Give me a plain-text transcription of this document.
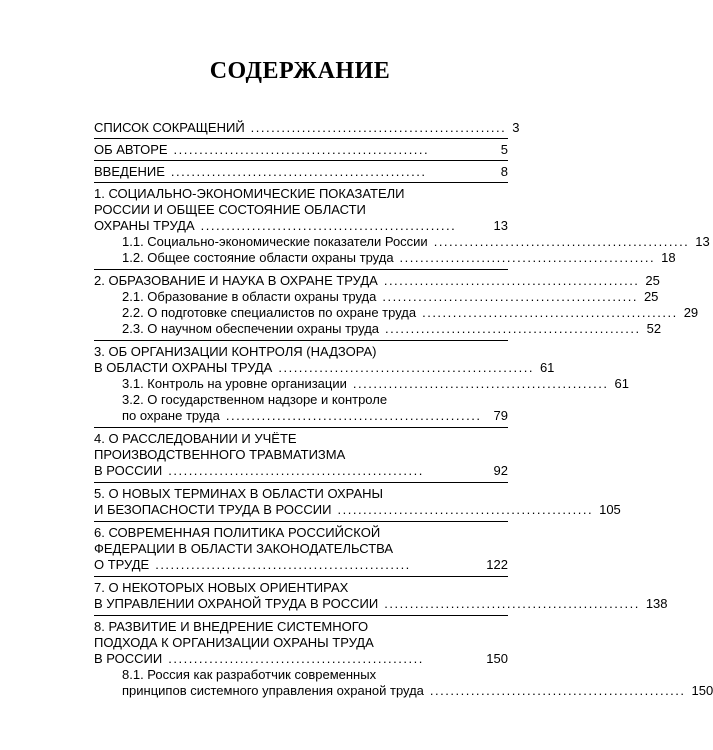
СОДЕРЖАНИЕ
СПИСОК СОКРАЩЕНИЙ .................................................. 3
ОБ АВТОРЕ ..................................................	5
ВВЕДЕНИЕ ..................................................	8
1. СОЦИАЛЬНО-ЭКОНОМИЧЕСКИЕ ПОКАЗАТЕЛИ
РОССИИ И ОБЩЕЕ СОСТОЯНИЕ ОБЛАСТИ
ОХРАНЫ ТРУДА ..................................................	13
1.1. Социально-экономические показатели России .................................................. 13
1.2. Общее состояние области охраны труда .................................................. 18
2. ОБРАЗОВАНИЕ И НАУКА В ОХРАНЕ ТРУДА .................................................. 25
2.1. Образование в области охраны труда .................................................. 25
2.2. О подготовке специалистов по охране труда .................................................. 29
2.3. О научном обеспечении охраны труда .................................................. 52
3. ОБ ОРГАНИЗАЦИИ КОНТРОЛЯ (НАДЗОРА)
В ОБЛАСТИ ОХРАНЫ ТРУДА .................................................. 61
3.1. Контроль на уровне организации .................................................. 61
3.2. О государственном надзоре и контроле
по охране труда .................................................. 79
4. О РАССЛЕДОВАНИИ И УЧЁТЕ
ПРОИЗВОДСТВЕННОГО ТРАВМАТИЗМА
В РОССИИ ..................................................	92
5. О НОВЫХ ТЕРМИНАХ В ОБЛАСТИ ОХРАНЫ
И БЕЗОПАСНОСТИ ТРУДА В РОССИИ .................................................. 105
6. СОВРЕМЕННАЯ ПОЛИТИКА РОССИЙСКОЙ
ФЕДЕРАЦИИ В ОБЛАСТИ ЗАКОНОДАТЕЛЬСТВА
О ТРУДЕ ..................................................	122
7. О НЕКОТОРЫХ НОВЫХ ОРИЕНТИРАХ
В УПРАВЛЕНИИ ОХРАНОЙ ТРУДА В РОССИИ .................................................. 138
8. РАЗВИТИЕ И ВНЕДРЕНИЕ СИСТЕМНОГО
ПОДХОДА К ОРГАНИЗАЦИИ ОХРАНЫ ТРУДА
В РОССИИ ..................................................	150
8.1. Россия как разработчик современных
принципов системного управления охраной труда .................................................. 150
